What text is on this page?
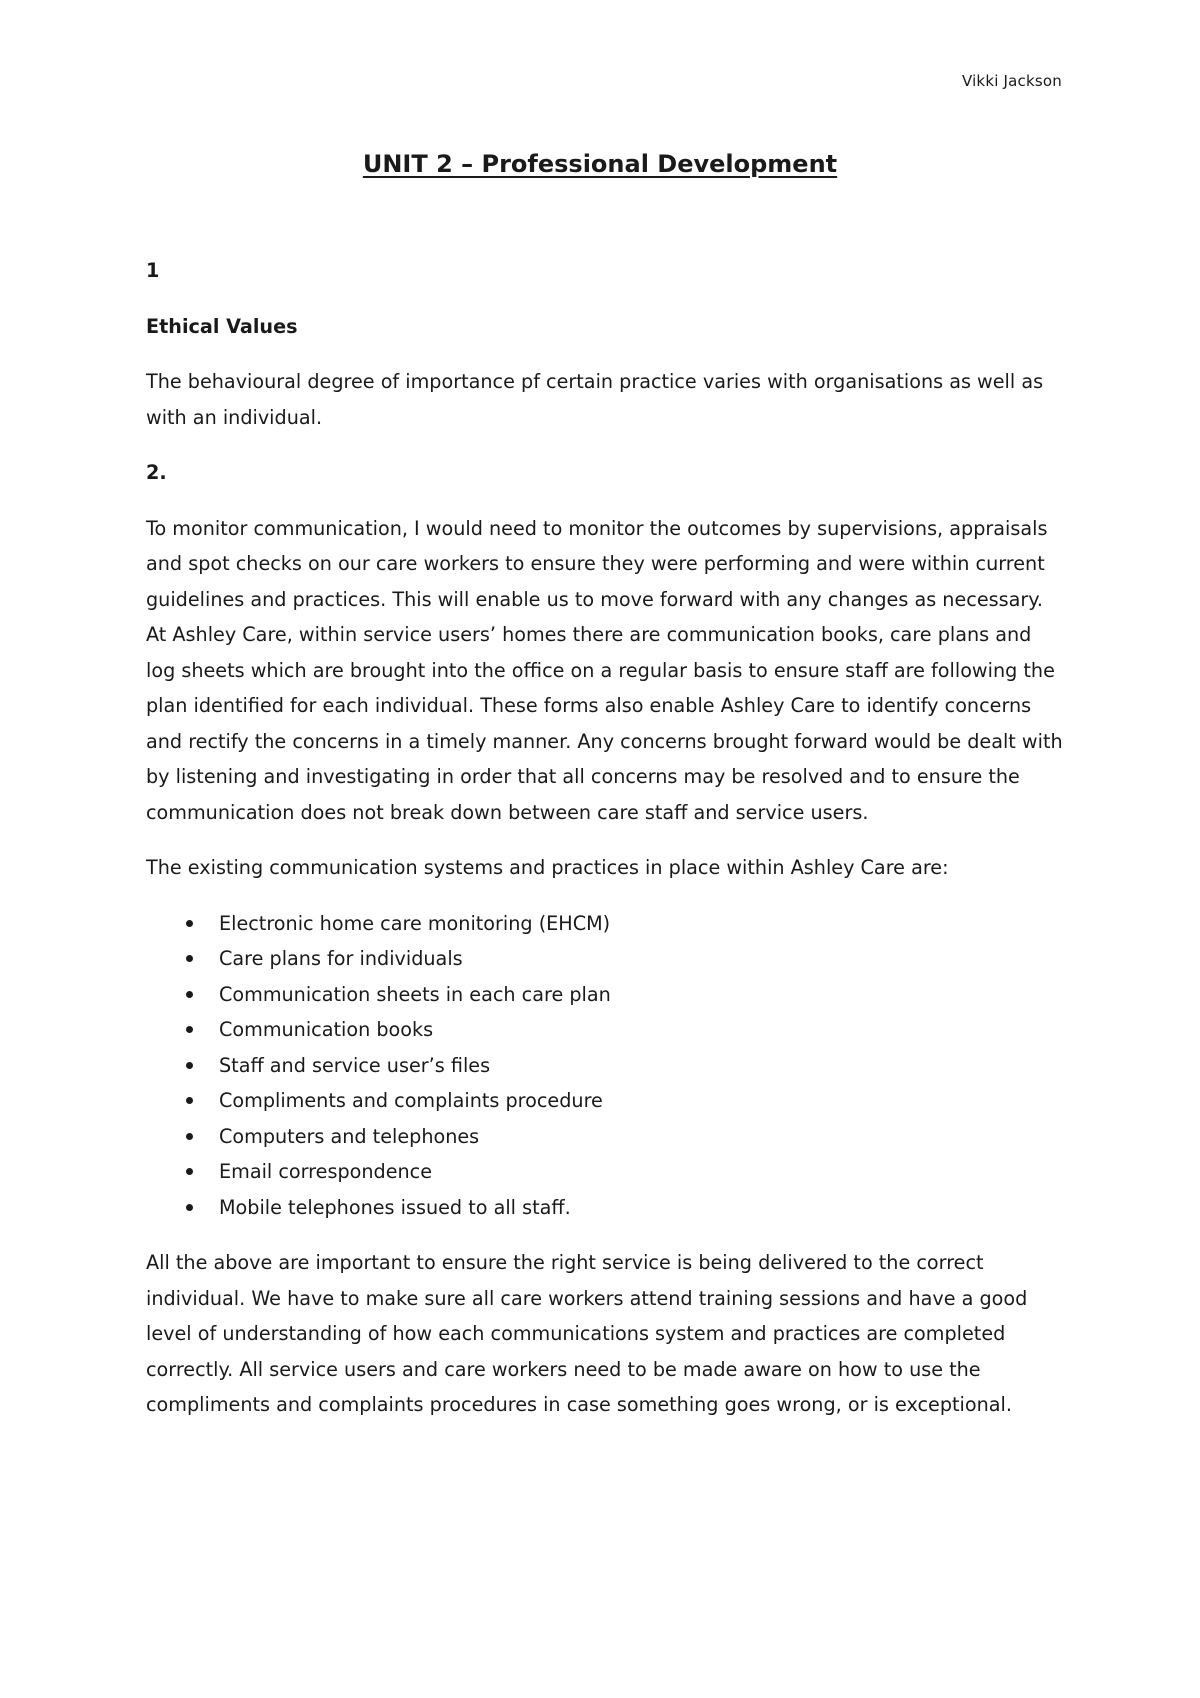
Vikki Jackson
UNIT 2 – Professional Development

1

Ethical Values

The behavioural degree of importance pf certain practice varies with organisations as well as with an individual.

2.

To monitor communication, I would need to monitor the outcomes by supervisions, appraisals and spot checks on our care workers to ensure they were performing and were within current guidelines and practices. This will enable us to move forward with any changes as necessary. At Ashley Care, within service users’ homes there are communication books, care plans and log sheets which are brought into the office on a regular basis to ensure staff are following the plan identified for each individual. These forms also enable Ashley Care to identify concerns and rectify the concerns in a timely manner. Any concerns brought forward would be dealt with by listening and investigating in order that all concerns may be resolved and to ensure the communication does not break down between care staff and service users.

The existing communication systems and practices in place within Ashley Care are:

Electronic home care monitoring (EHCM)
Care plans for individuals
Communication sheets in each care plan
Communication books
Staff and service user’s files
Compliments and complaints procedure
Computers and telephones
Email correspondence
Mobile telephones issued to all staff.

All the above are important to ensure the right service is being delivered to the correct individual. We have to make sure all care workers attend training sessions and have a good level of understanding of how each communications system and practices are completed correctly. All service users and care workers need to be made aware on how to use the compliments and complaints procedures in case something goes wrong, or is exceptional.
